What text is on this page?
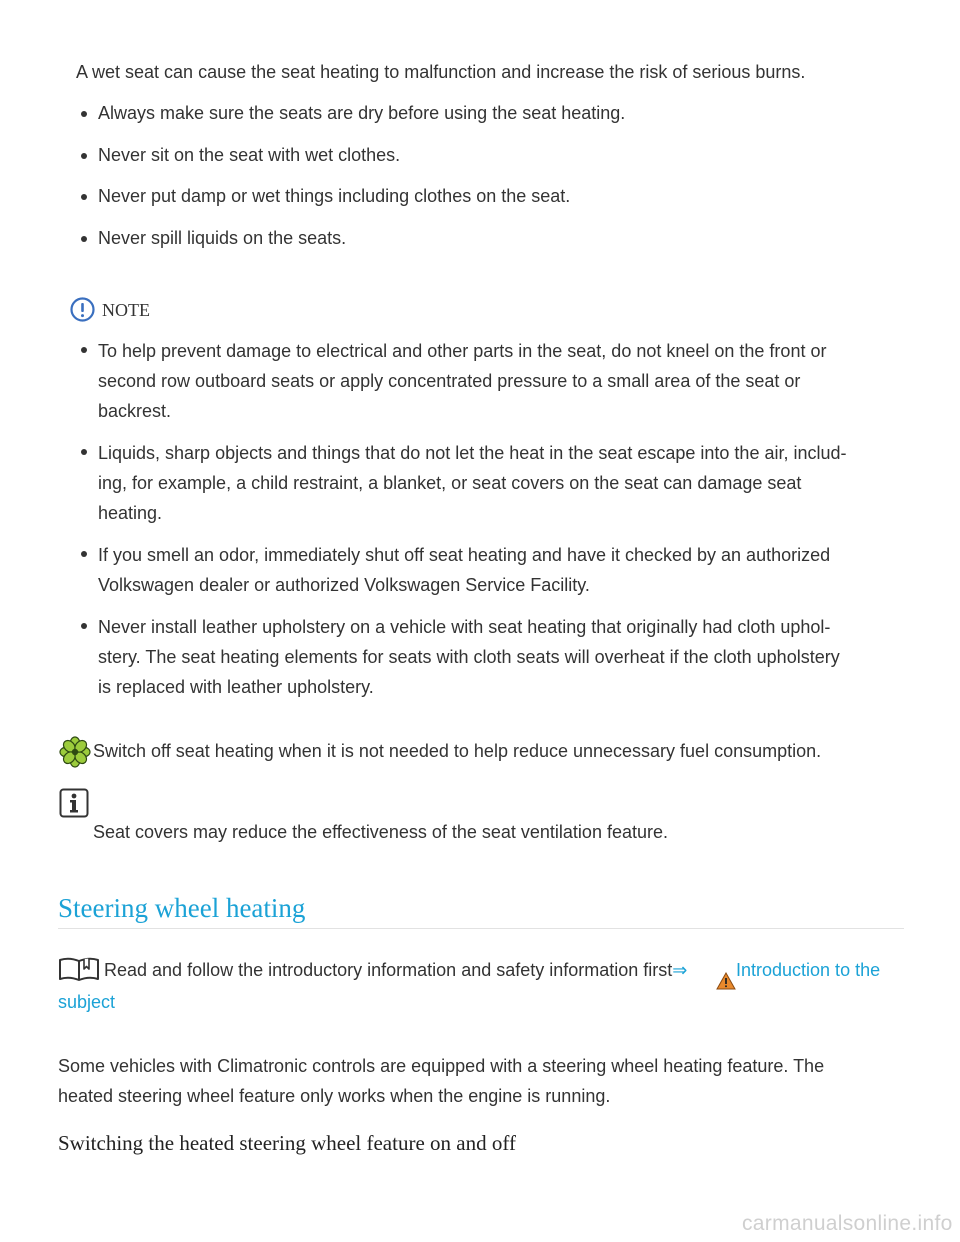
A wet seat can cause the seat heating to malfunction and increase the risk of serious burns.
Always make sure the seats are dry before using the seat heating.
Never sit on the seat with wet clothes.
Never put damp or wet things including clothes on the seat.
Never spill liquids on the seats.
NOTE
To help prevent damage to electrical and other parts in the seat, do not kneel on the front or
second row outboard seats or apply concentrated pressure to a small area of the seat or
backrest.
Liquids, sharp objects and things that do not let the heat in the seat escape into the air, includ-
ing, for example, a child restraint, a blanket, or seat covers on the seat can damage seat
heating.
If you smell an odor, immediately shut off seat heating and have it checked by an authorized
Volkswagen dealer or authorized Volkswagen Service Facility.
Never install leather upholstery on a vehicle with seat heating that originally had cloth uphol-
stery. The seat heating elements for seats with cloth seats will overheat if the cloth upholstery
is replaced with leather upholstery.
Switch off seat heating when it is not needed to help reduce unnecessary fuel consumption.
Seat covers may reduce the effectiveness of the seat ventilation feature.
Steering wheel heating
Read and follow the introductory information and safety information first⇒	Introduction to the
subject
Some vehicles with Climatronic controls are equipped with a steering wheel heating feature. The
heated steering wheel feature only works when the engine is running.
Switching the heated steering wheel feature on and off
carmanualsonline.info
